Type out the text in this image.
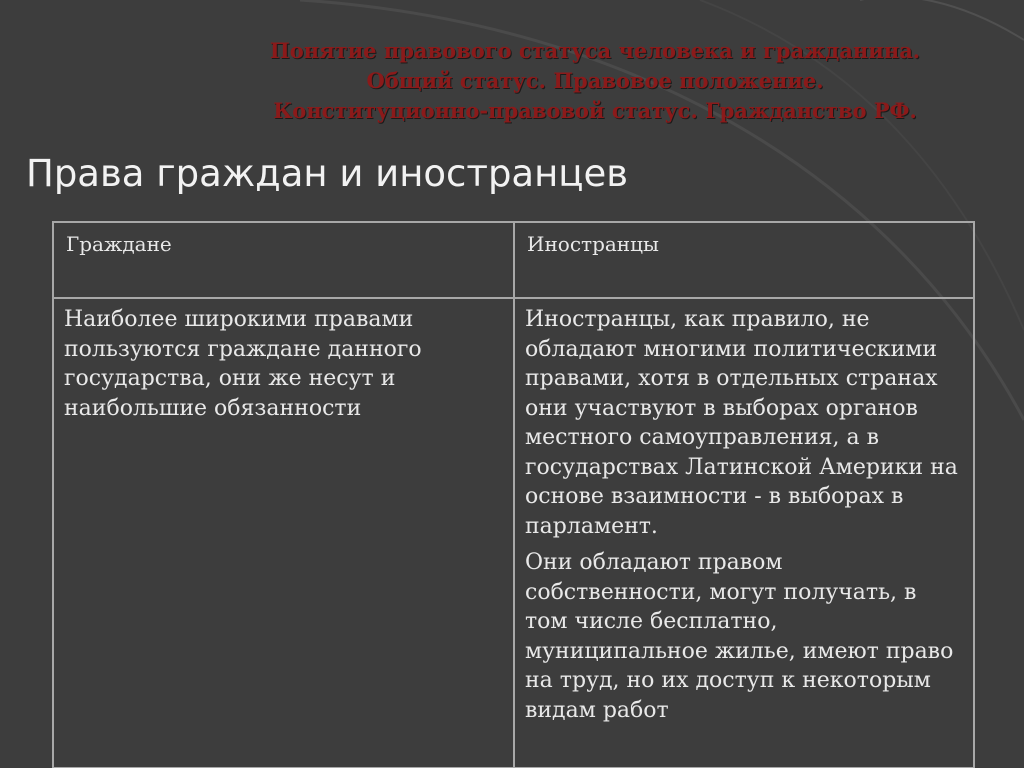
Понятие правового статуса человека и гражданина.
Общий статус. Правовое положение.
Конституционно-правовой статус. Гражданство РФ.
Права граждан и иностранцев
Граждане	Иностранцы

Наиболее широкими правами пользуются граждане данного государства, они же несут и наибольшие обязанности	Иностранцы, как правило, не обладают многими политическими правами, хотя в отдельных странах они участвуют в выборах органов местного самоуправления, а в государствах Латинской Америки на основе взаимности - в выборах в парламент.

Они обладают правом собственности, могут получать, в том числе бесплатно, муниципальное жилье, имеют право на труд, но их доступ к некоторым видам работ
